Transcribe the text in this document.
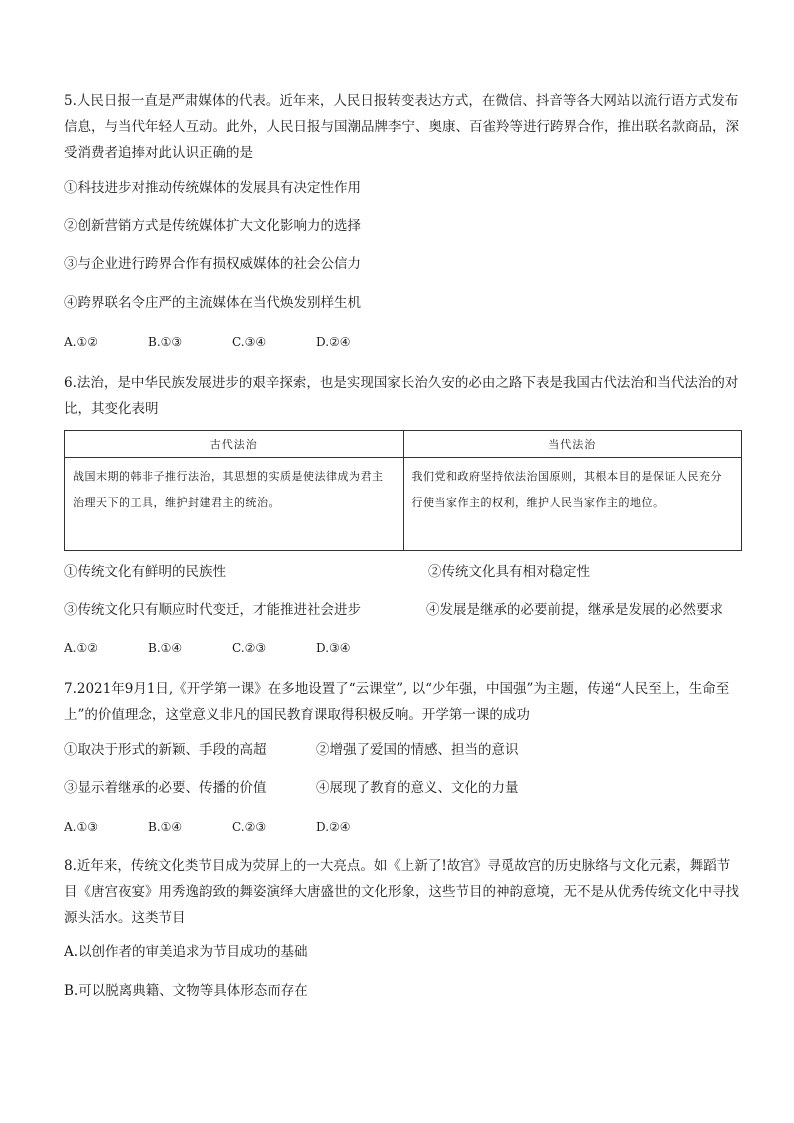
5.人民日报一直是严肃媒体的代表。近年来，人民日报转变表达方式，在微信、抖音等各大网站以流行语方式发布信息，与当代年轻人互动。此外，人民日报与国潮品牌李宁、奥康、百雀羚等进行跨界合作，推出联名款商品，深受消费者追捧对此认识正确的是

①科技进步对推动传统媒体的发展具有决定性作用
②创新营销方式是传统媒体扩大文化影响力的选择
③与企业进行跨界合作有损权威媒体的社会公信力
④跨界联名令庄严的主流媒体在当代焕发别样生机
A.①②	B.①③	C.③④	D.②④

6.法治，是中华民族发展进步的艰辛探索，也是实现国家长治久安的必由之路下表是我国古代法治和当代法治的对比，其变化表明

古代法治	当代法治
战国末期的韩非子推行法治，其思想的实质是使法律成为君主治理天下的工具，维护封建君主的统治。	我们党和政府坚持依法治国原则，其根本目的是保证人民充分行使当家作主的权利，维护人民当家作主的地位。
①传统文化有鲜明的民族性	②传统文化具有相对稳定性
③传统文化只有顺应时代变迁，才能推进社会进步	④发展是继承的必要前提，继承是发展的必然要求
A.①②	B.①④	C.②③	D.③④

7.2021年9月1日,《开学第一课》在多地设置了“云课堂”, 以“少年强，中国强”为主题，传递“人民至上，生命至上”的价值理念，这堂意义非凡的国民教育课取得积极反响。开学第一课的成功

①取决于形式的新颖、手段的高超	②增强了爱国的情感、担当的意识
③显示着继承的必要、传播的价值	④展现了教育的意义、文化的力量
A.①③	B.①④	C.②③	D.②④

8.近年来，传统文化类节目成为荧屏上的一大亮点。如《上新了!故宫》寻觅故宫的历史脉络与文化元素，舞蹈节目《唐宫夜宴》用秀逸韵致的舞姿演绎大唐盛世的文化形象，这些节目的神韵意境，无不是从优秀传统文化中寻找源头活水。这类节目

A.以创作者的审美追求为节目成功的基础
B.可以脱离典籍、文物等具体形态而存在
